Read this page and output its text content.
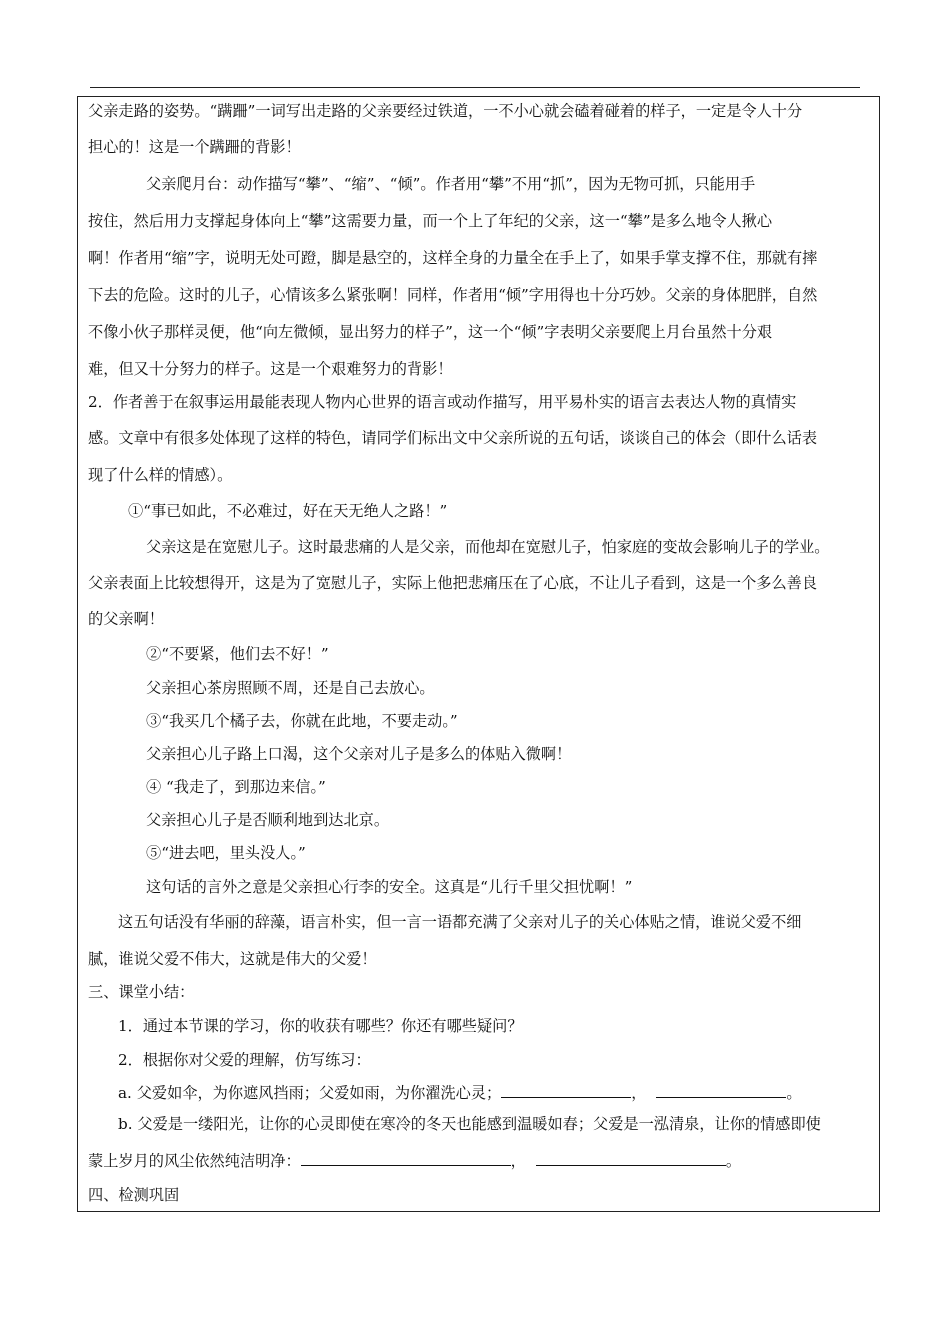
父亲走路的姿势。“蹒跚”一词写出走路的父亲要经过铁道，一不小心就会磕着碰着的样子，一定是令人十分
担心的！这是一个蹒跚的背影！
父亲爬月台：动作描写“攀”、“缩”、“倾”。作者用“攀”不用“抓”，因为无物可抓，只能用手
按住，然后用力支撑起身体向上“攀”这需要力量，而一个上了年纪的父亲，这一“攀”是多么地令人揪心
啊！作者用“缩”字，说明无处可蹬，脚是悬空的，这样全身的力量全在手上了，如果手掌支撑不住，那就有摔
下去的危险。这时的儿子，心情该多么紧张啊！同样，作者用“倾”字用得也十分巧妙。父亲的身体肥胖，自然
不像小伙子那样灵便，他“向左微倾，显出努力的样子”，这一个“倾”字表明父亲要爬上月台虽然十分艰
难，但又十分努力的样子。这是一个艰难努力的背影！
2．作者善于在叙事运用最能表现人物内心世界的语言或动作描写，用平易朴实的语言去表达人物的真情实
感。文章中有很多处体现了这样的特色，请同学们标出文中父亲所说的五句话，谈谈自己的体会（即什么话表
现了什么样的情感）。
①“事已如此，不必难过，好在天无绝人之路！”
父亲这是在宽慰儿子。这时最悲痛的人是父亲，而他却在宽慰儿子，怕家庭的变故会影响儿子的学业。
父亲表面上比较想得开，这是为了宽慰儿子，实际上他把悲痛压在了心底，不让儿子看到，这是一个多么善良
的父亲啊！
②“不要紧，他们去不好！”
父亲担心茶房照顾不周，还是自己去放心。
③“我买几个橘子去，你就在此地，不要走动。”
父亲担心儿子路上口渴，这个父亲对儿子是多么的体贴入微啊！
④ “我走了，到那边来信。”
父亲担心儿子是否顺利地到达北京。
⑤“进去吧，里头没人。”
这句话的言外之意是父亲担心行李的安全。这真是“儿行千里父担忧啊！”
这五句话没有华丽的辞藻，语言朴实，但一言一语都充满了父亲对儿子的关心体贴之情，谁说父爱不细
腻，谁说父爱不伟大，这就是伟大的父爱！
三、课堂小结：
1．通过本节课的学习，你的收获有哪些？你还有哪些疑问？
2．根据你对父爱的理解，仿写练习：
a. 父爱如伞，为你遮风挡雨；父爱如雨，为你濯洗心灵；	，	。
b. 父爱是一缕阳光，让你的心灵即使在寒冷的冬天也能感到温暖如春；父爱是一泓清泉，让你的情感即使
蒙上岁月的风尘依然纯洁明净：	，	。
四、检测巩固
